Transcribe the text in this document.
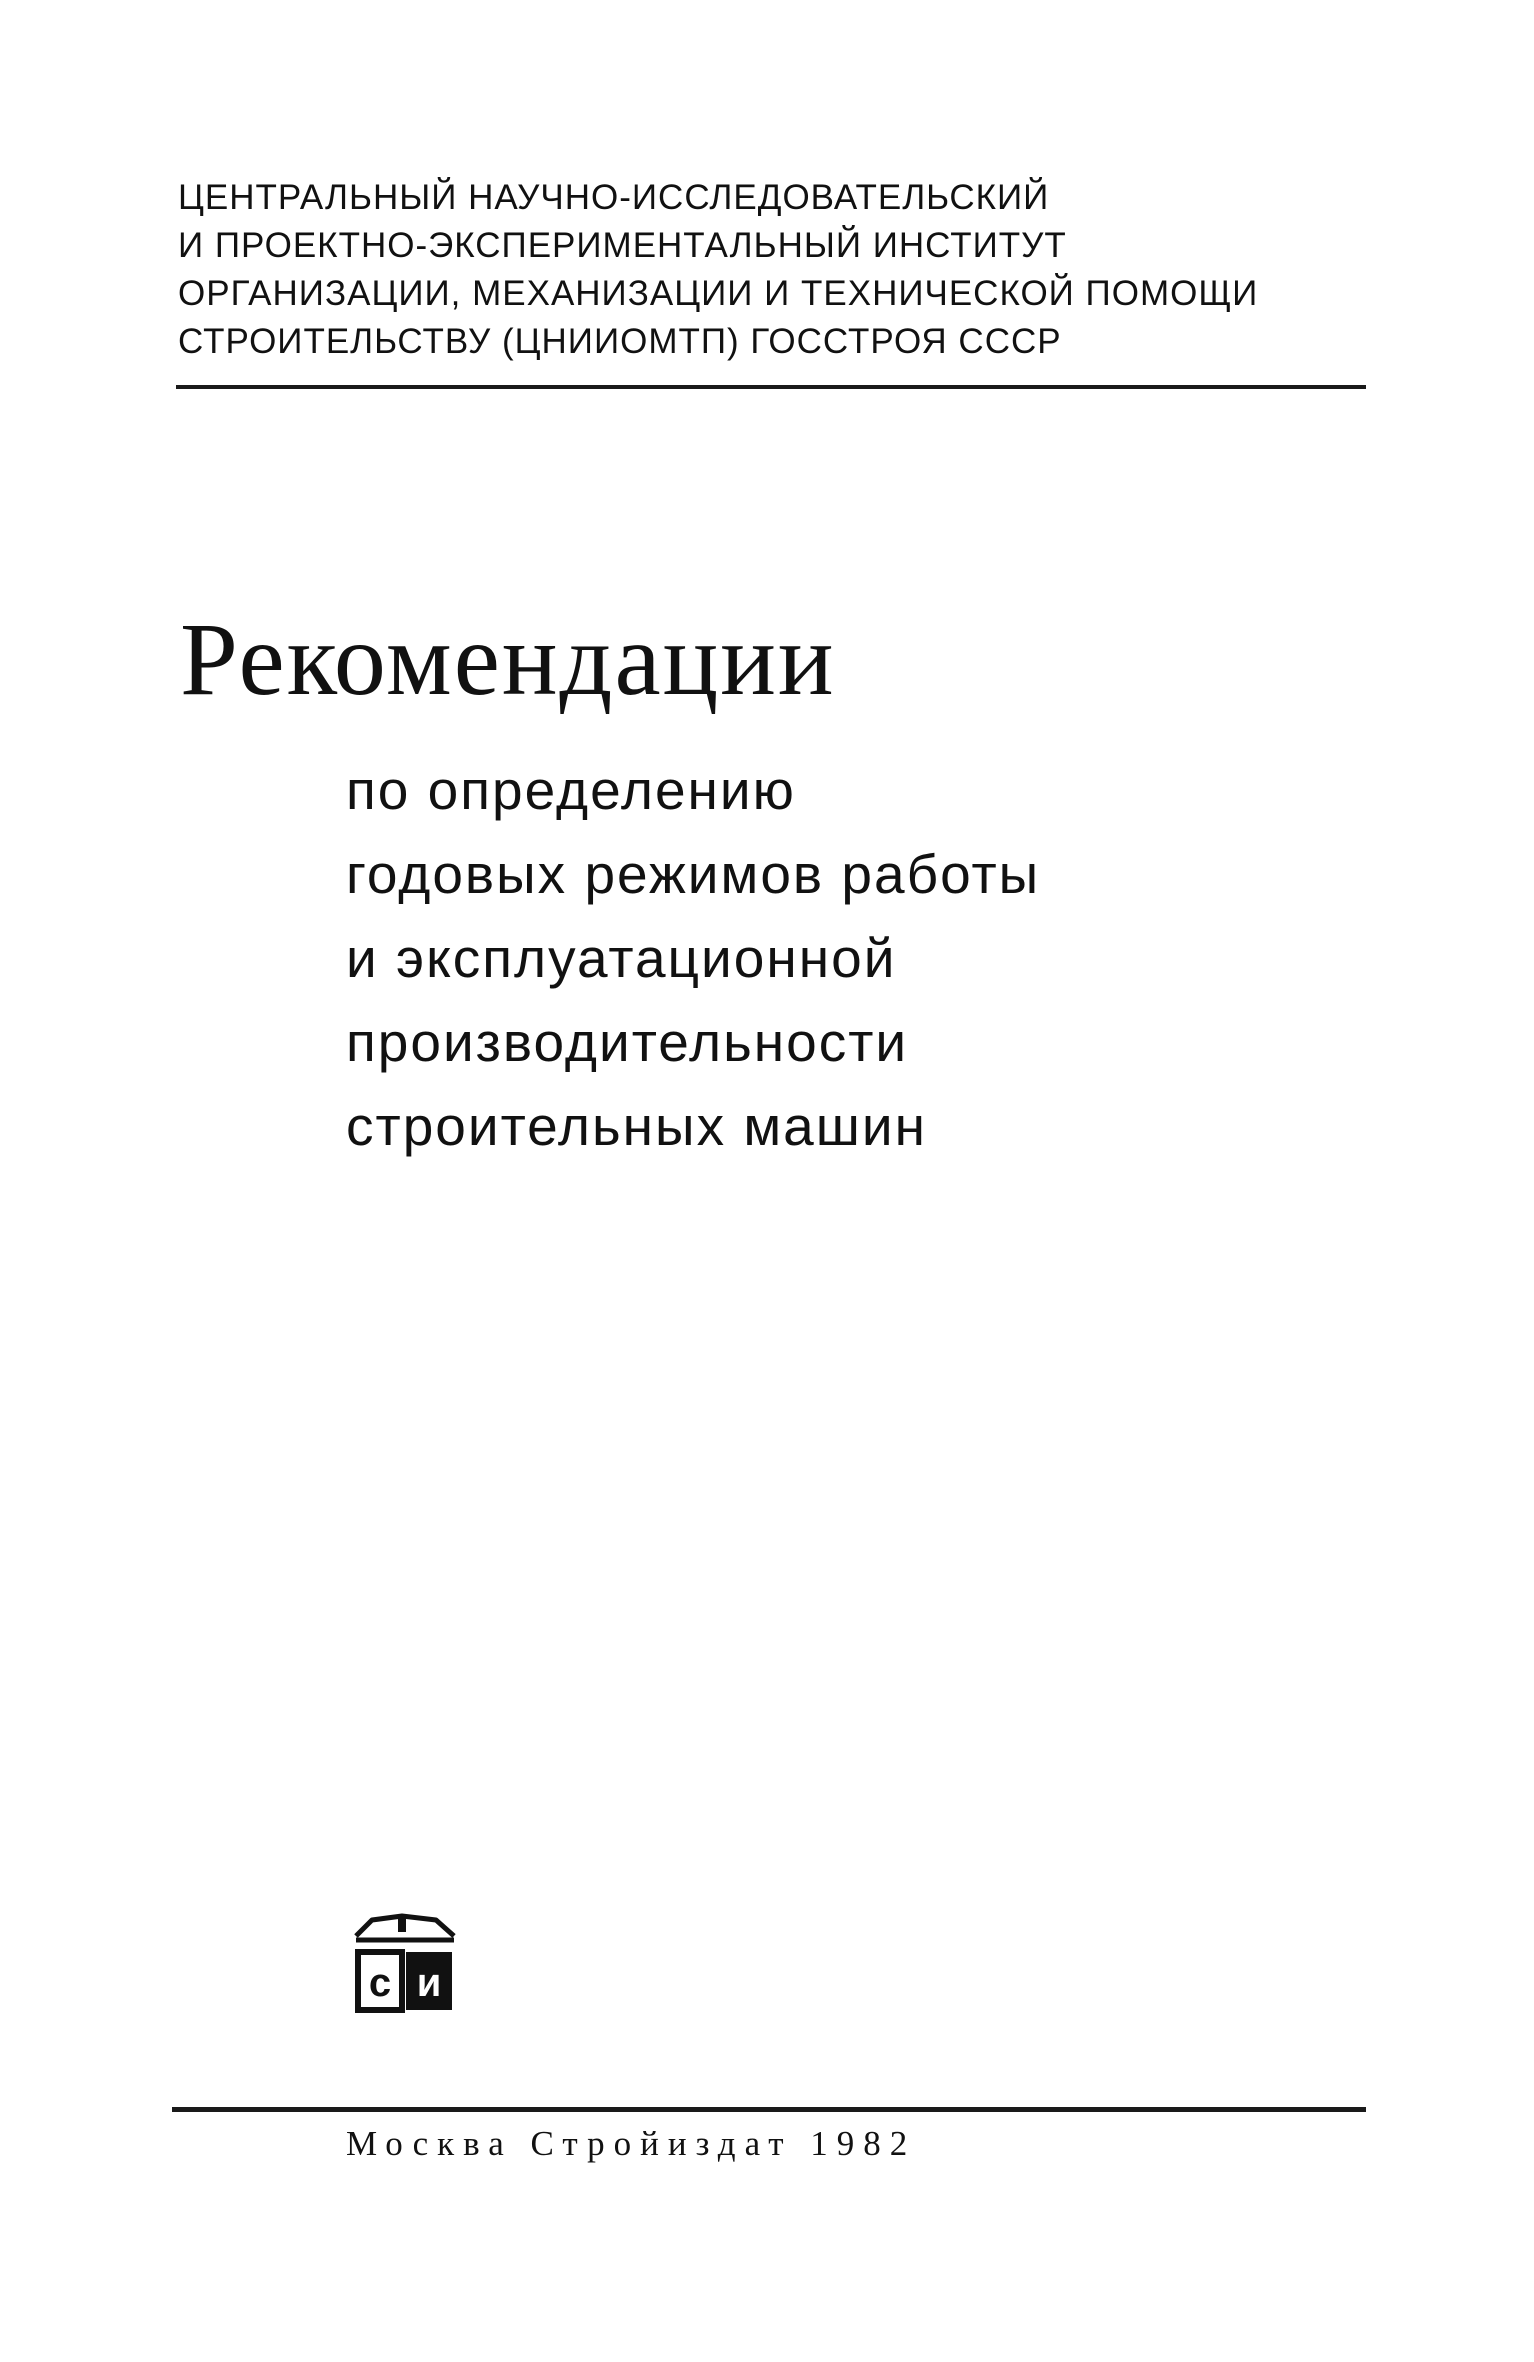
ЦЕНТРАЛЬНЫЙ НАУЧНО-ИССЛЕДОВАТЕЛЬСКИЙ
И ПРОЕКТНО-ЭКСПЕРИМЕНТАЛЬНЫЙ ИНСТИТУТ
ОРГАНИЗАЦИИ, МЕХАНИЗАЦИИ И ТЕХНИЧЕСКОЙ ПОМОЩИ
СТРОИТЕЛЬСТВУ (ЦНИИОМТП) ГОССТРОЯ СССР
Рекомендации
по определению
годовых режимов работы
и эксплуатационной
производительности
строительных машин
с и

Москва Стройиздат 1982
